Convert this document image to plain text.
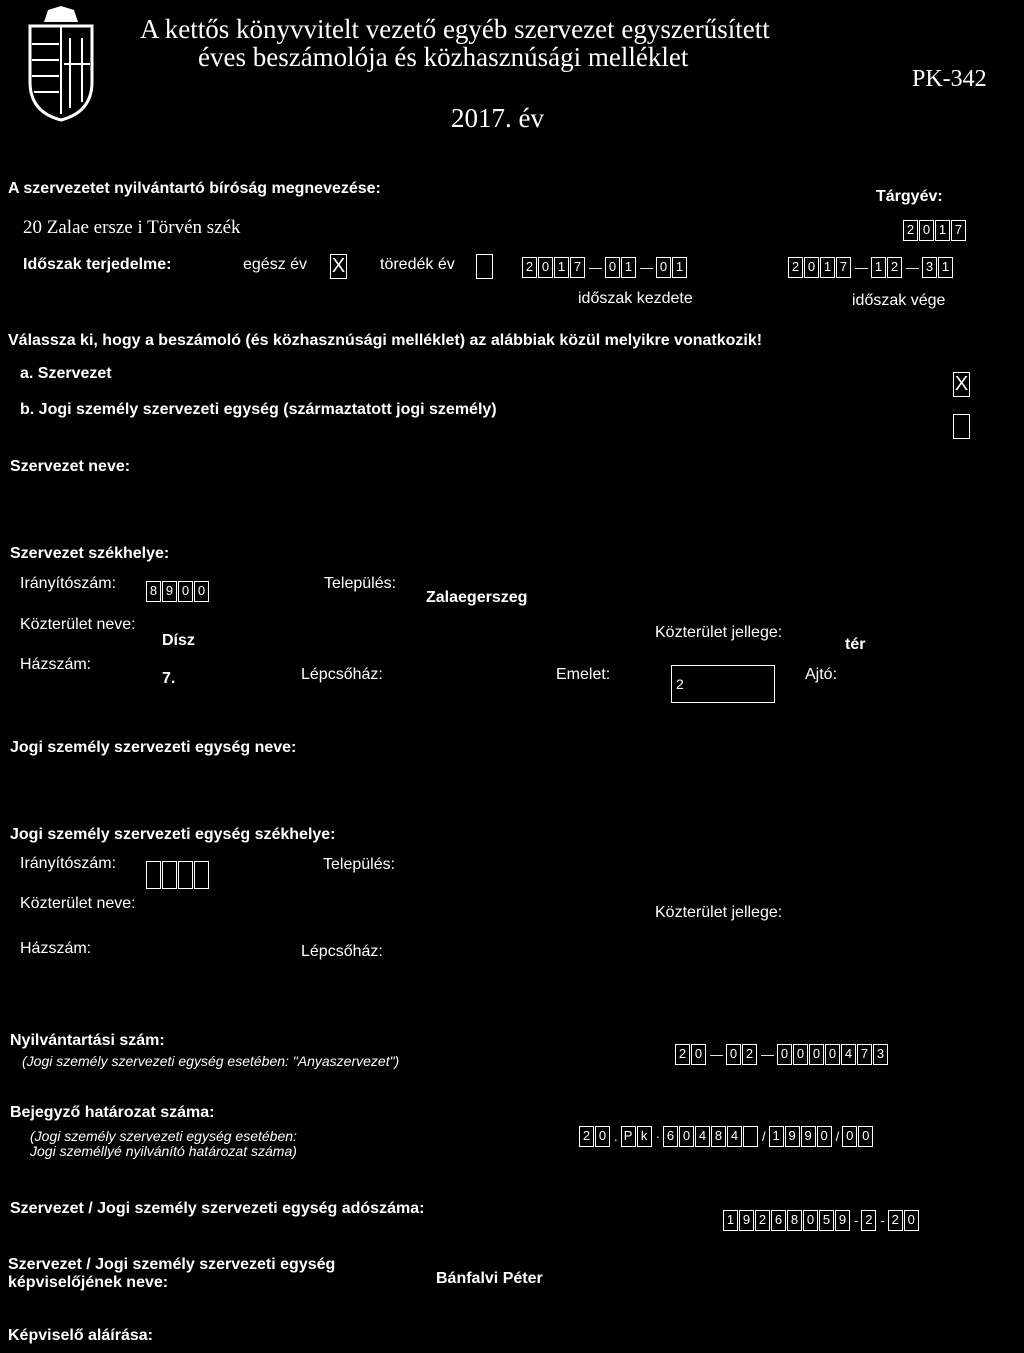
A kettős könyvvitelt vezető egyéb szervezet egyszerűsített
éves beszámolója és közhasznúsági melléklet
PK-342
2017. év
A szervezetet nyilvántartó bíróság megnevezése:	Tárgyév:
20 Zalae ersze i Törvén szék	2 0 1 7
Időszak terjedelme:	egész év X töredék év	2 0 1 7 — 0 1 — 0 1	2 0 1 7 — 1 2 — 3 1
időszak kezdete	időszak vége
Válassza ki, hogy a beszámoló (és közhasznúsági melléklet) az alábbiak közül melyikre vonatkozik!
a. Szervezet	X
b. Jogi személy szervezeti egység (származtatott jogi személy)
Szervezet neve:
Szervezet székhelye:
Irányítószám:	8 9 0 0	Település:
Zalaegerszeg
Közterület neve:
Dísz	Közterület jellege:
tér
Házszám:
7.	Lépcsőház:	Emelet:
2
Ajtó:
Jogi személy szervezeti egység neve:
Jogi személy szervezeti egység székhelye:
Irányítószám:	Település:
Közterület neve:
Közterület jellege:
Házszám:	Lépcsőház:
Nyilvántartási szám:
(Jogi személy szervezeti egység esetében: "Anyaszervezet")	2 0 — 0 2 — 0 0 0 0 4 7 3
Bejegyző határozat száma:
(Jogi személy szervezeti egység esetében:
Jogi személlyé nyilvánító határozat száma)
2 0 . P k · 6 0 4 8 4 / 1 9 9 0 / 0 0
Szervezet / Jogi személy szervezeti egység adószáma:
1 9 2 6 8 0 5 9 - 2 - 2 0
Szervezet / Jogi személy szervezeti egység
képviselőjének neve:	Bánfalvi Péter
Képviselő aláírása:
